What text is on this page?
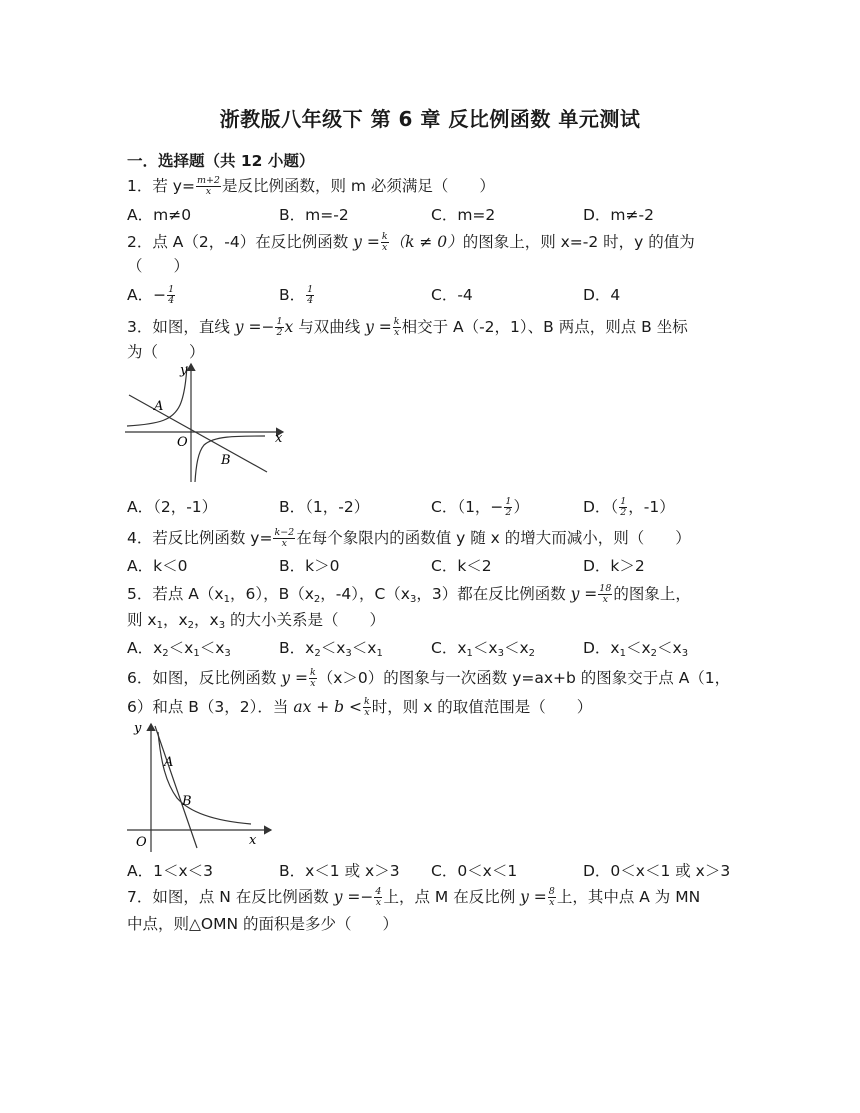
浙教版八年级下 第 6 章 反比例函数 单元测试
一．选择题（共 12 小题）
1．若 $y= \frac{m+2}{x}$ 是反比例函数，则 m 必须满足（　　）
A．m≠0	B．m=-2	C．m=2	D．m≠-2
2．点 A（2，-4）在反比例函数 $y = \frac{k}{x} (k \ne 0)$的图象上，则 x=-2 时，y 的值为
（　　）
A．− $\frac{1}{4}$	B． $\frac{1}{4}$	C．-4	D．4
3．如图，直线 $y =- \frac{1}{2}$ x 与双曲线 $y = \frac{k}{x}$ 相交于 A（-2，1）、B 两点，则点 B 坐标
为（　　）
y
x
O
A
B
A．（2，-1）	B．（1，-2）	C．（1，− $\frac{1}{2}$ ）	D．（ $\frac{1}{2}$ ，-1）
4．若反比例函数 $y= \frac{k-2}{x}$ 在每个象限内的函数值 y 随 x 的增大而减小，则（　　）
A．k＜0	B．k＞0	C．k＜2	D．k＞2
5．若点 $A(x_1$，6），$B(x_2$，-4），$C(x_3$，3）都在反比例函数 $y = \frac{18}{x}$ 的图象上，
则 $x_1$，$x_2$，$x_3$ 的大小关系是（　　）
A．$x_2<x_1<x_3$	B．$x_2<x_3<x_1$	C．$x_1<x_3<x_2$	D．$x_1<x_2<x_3$
6．如图，反比例函数 $y = \frac{k}{x} (x>0)$的图象与一次函数 y=ax+b 的图象交于点 A（1，
6）和点 B（3，2）．当 ax + $b < \frac{k}{x}$ 时，则 x 的取值范围是（　　）
y
x
O
A
B
A．1＜x＜3	B．x＜1 或 x＞3 C．0＜x＜1	D．0＜x＜1 或 x＞3
7．如图，点 N 在反比例函数 $y =- \frac{4}{x}$ 上，点 M 在反比例 $y = \frac{8}{x}$ 上，其中点 A 为 MN
中点，则△OMN 的面积是多少（　　）
